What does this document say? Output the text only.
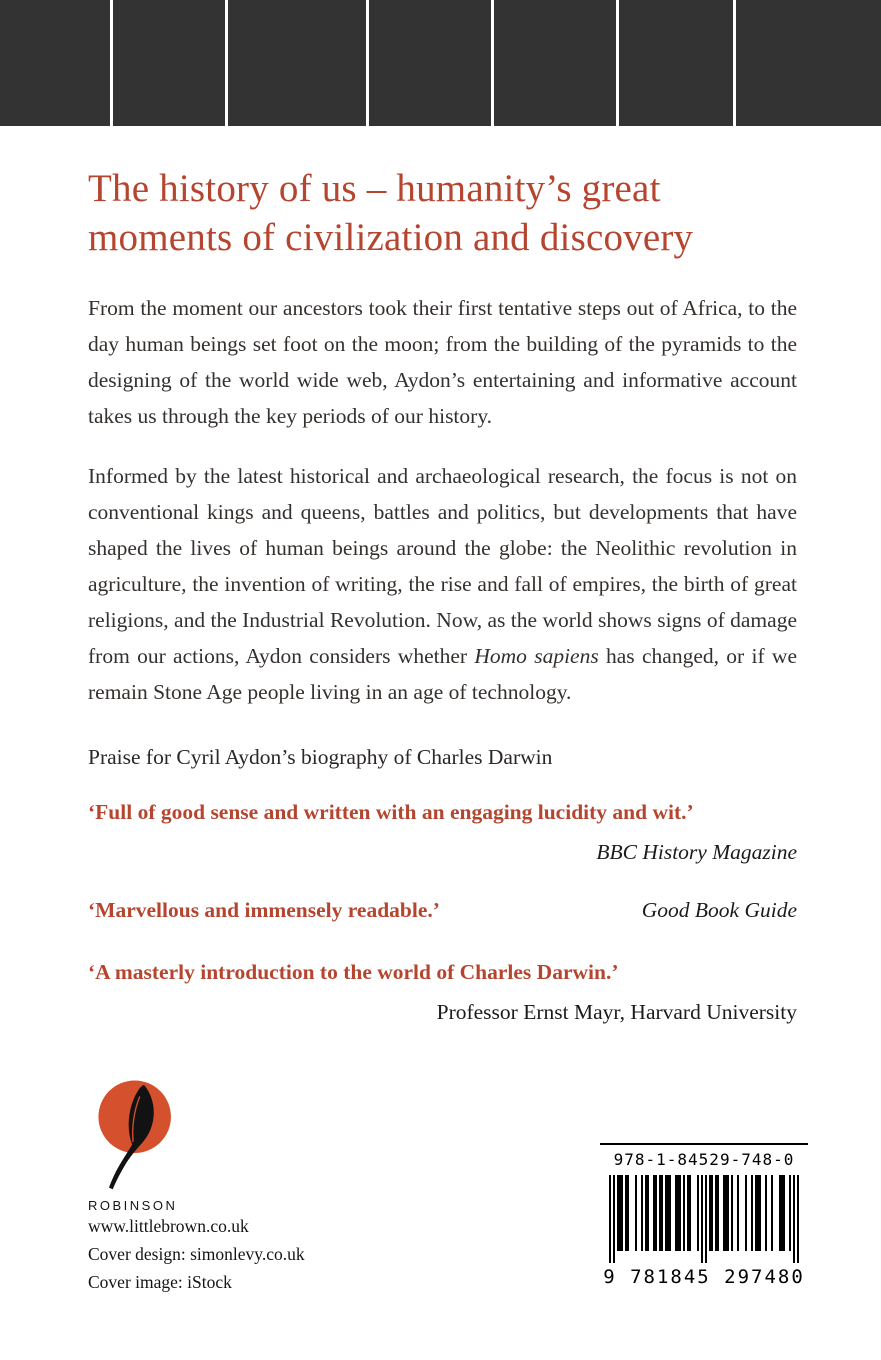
The history of us – humanity’s great moments of civilization and discovery

From the moment our ancestors took their first tentative steps out of Africa, to the day human beings set foot on the moon; from the building of the pyramids to the designing of the world wide web, Aydon’s entertaining and informative account takes us through the key periods of our history.

Informed by the latest historical and archaeological research, the focus is not on conventional kings and queens, battles and politics, but developments that have shaped the lives of human beings around the globe: the Neolithic revolution in agriculture, the invention of writing, the rise and fall of empires, the birth of great religions, and the Industrial Revolution. Now, as the world shows signs of damage from our actions, Aydon considers whether Homo sapiens has changed, or if we remain Stone Age people living in an age of technology.

Praise for Cyril Aydon’s biography of Charles Darwin

‘Full of good sense and written with an engaging lucidity and wit.’

BBC History Magazine

‘Marvellous and immensely readable.’	Good Book Guide

‘A masterly introduction to the world of Charles Darwin.’

Professor Ernst Mayr, Harvard University

ROBINSON
www.littlebrown.co.uk
Cover design: simonlevy.co.uk
Cover image: iStock
978-1-84529-748-0
9 781845 297480
